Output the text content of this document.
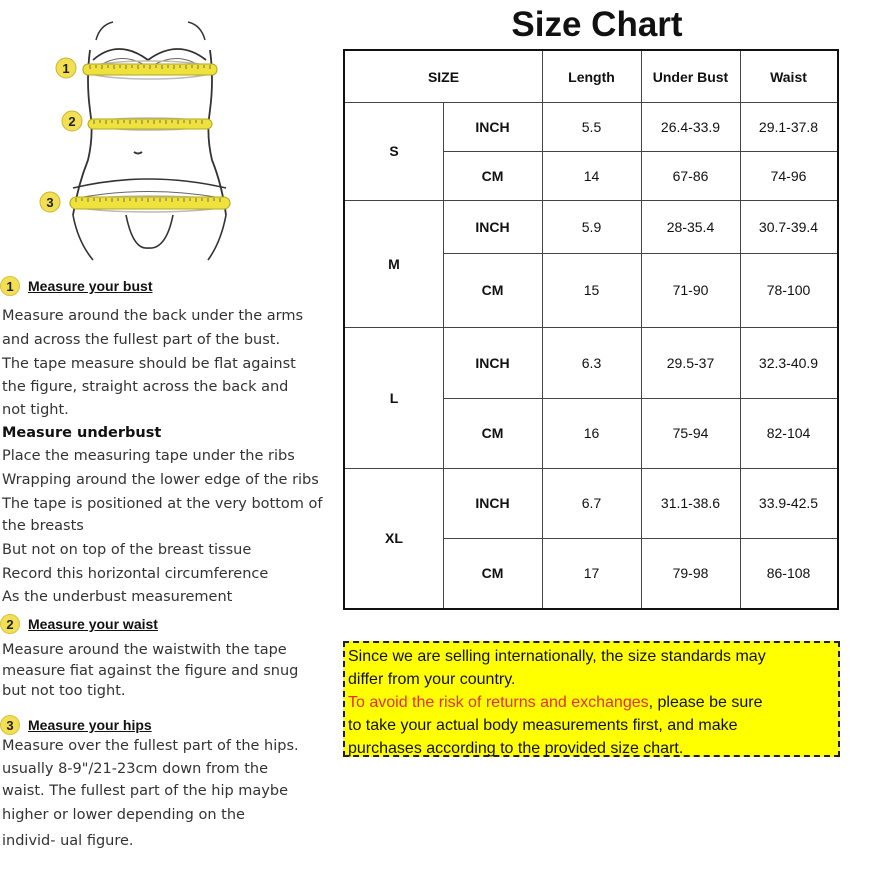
1
2
3
1	Measure your bust
Measure around the back under the arms
and across the fullest part of the bust.
The tape measure should be flat against
the figure, straight across the back and
not tight.
Measure underbust
Place the measuring tape under the ribs
Wrapping around the lower edge of the ribs
The tape is positioned at the very bottom of
the breasts
But not on top of the breast tissue
Record this horizontal circumference
As the underbust measurement
2	Measure your waist
Measure around the waistwith the tape
measure fiat against the figure and snug
but not too tight.
3	Measure your hips
Measure over the fullest part of the hips.
usually 8-9"/21-23cm down from the
waist. The fullest part of the hip maybe
higher or lower depending on the
individ- ual figure.
Size Chart
SIZE	Length	Under Bust	Waist
S
INCH	5.5	26.4-33.9	29.1-37.8
CM	14	67-86	74-96
M
INCH	5.9	28-35.4	30.7-39.4
CM	15	71-90	78-100
L
INCH	6.3	29.5-37	32.3-40.9
CM	16	75-94	82-104
XL
INCH	6.7	31.1-38.6	33.9-42.5
CM	17	79-98	86-108

Since we are selling internationally, the size standards may

differ from your country.

To avoid the risk of returns and exchanges, please be sure

to take your actual body measurements first, and make

purchases according to the provided size chart.
